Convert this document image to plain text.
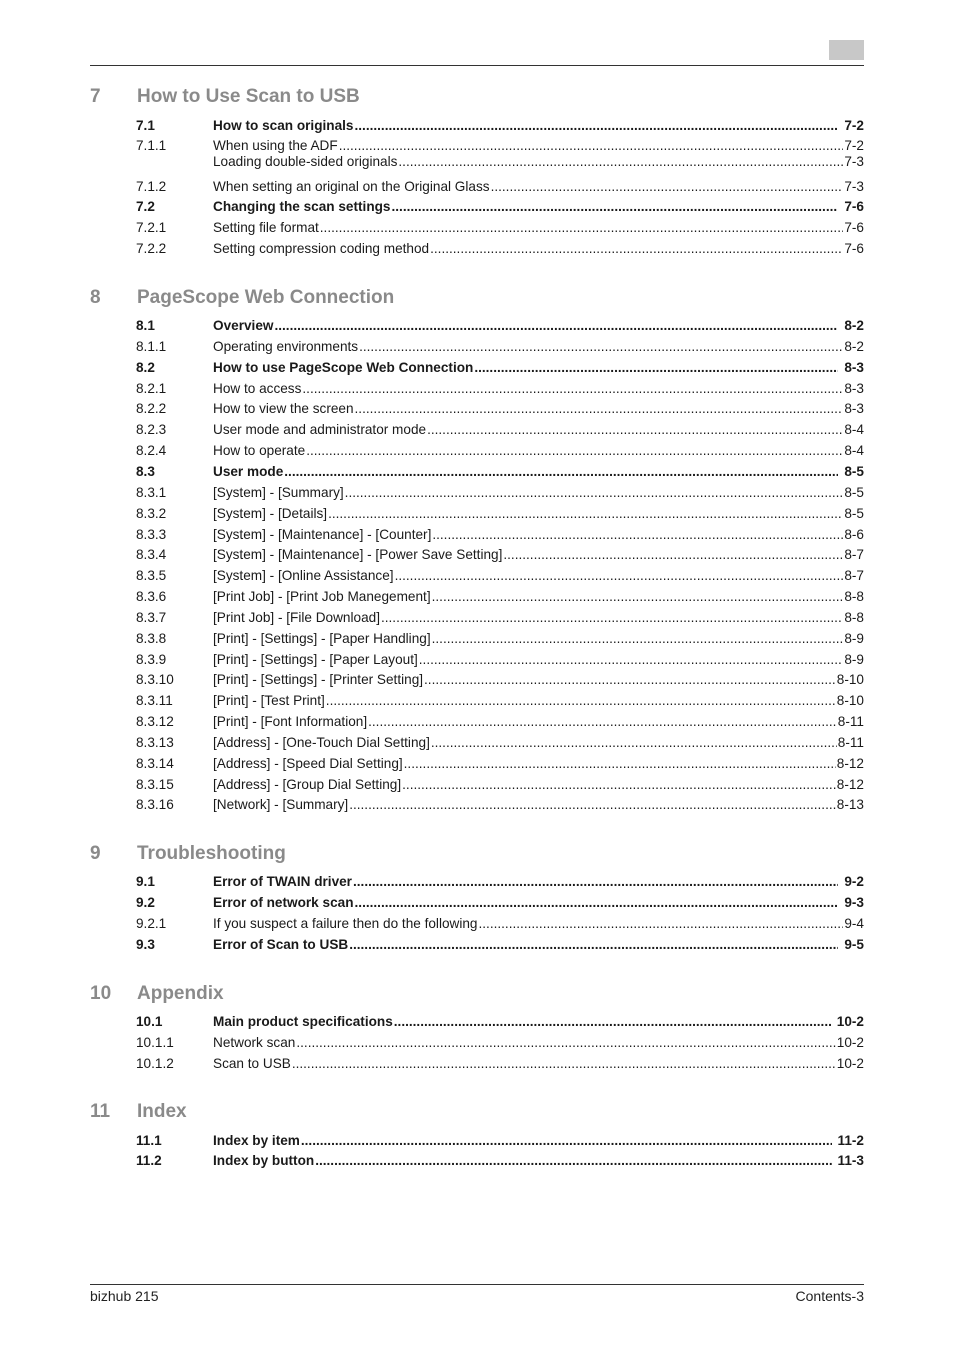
7 How to Use Scan to USB
7.1	How to scan originals .....	7-2
7.1.1	When using the ADF .....	7-2
Loading double-sided originals .....	7-3
7.1.2	When setting an original on the Original Glass .....	7-3
7.2	Changing the scan settings .....	7-6
7.2.1	Setting file format .....	7-6
7.2.2	Setting compression coding method .....	7-6
8 PageScope Web Connection
8.1	Overview .....	8-2
8.1.1	Operating environments .....	8-2
8.2	How to use PageScope Web Connection .....	8-3
8.2.1	How to access .....	8-3
8.2.2	How to view the screen .....	8-3
8.2.3	User mode and administrator mode .....	8-4
8.2.4	How to operate .....	8-4
8.3	User mode .....	8-5
8.3.1	[System] - [Summary] .....	8-5
8.3.2	[System] - [Details] .....	8-5
8.3.3	[System] - [Maintenance] - [Counter] .....	8-6
8.3.4	[System] - [Maintenance] - [Power Save Setting] .....	8-7
8.3.5	[System] - [Online Assistance] .....	8-7
8.3.6	[Print Job] - [Print Job Manegement] .....	8-8
8.3.7	[Print Job] - [File Download] .....	8-8
8.3.8	[Print] - [Settings] - [Paper Handling] .....	8-9
8.3.9	[Print] - [Settings] - [Paper Layout] .....	8-9
8.3.10	[Print] - [Settings] - [Printer Setting] .....	8-10
8.3.11	[Print] - [Test Print] .....	8-10
8.3.12	[Print] - [Font Information] .....	8-11
8.3.13	[Address] - [One-Touch Dial Setting] .....	8-11
8.3.14	[Address] - [Speed Dial Setting] .....	8-12
8.3.15	[Address] - [Group Dial Setting] .....	8-12
8.3.16	[Network] - [Summary] .....	8-13
9 Troubleshooting
9.1	Error of TWAIN driver .....	9-2
9.2	Error of network scan .....	9-3
9.2.1	If you suspect a failure then do the following .....	9-4
9.3	Error of Scan to USB .....	9-5
10 Appendix
10.1	Main product specifications .....	10-2
10.1.1	Network scan .....	10-2
10.1.2	Scan to USB .....	10-2
11 Index
11.1	Index by item .....	11-2
11.2	Index by button .....	11-3
bizhub 215	Contents-3
